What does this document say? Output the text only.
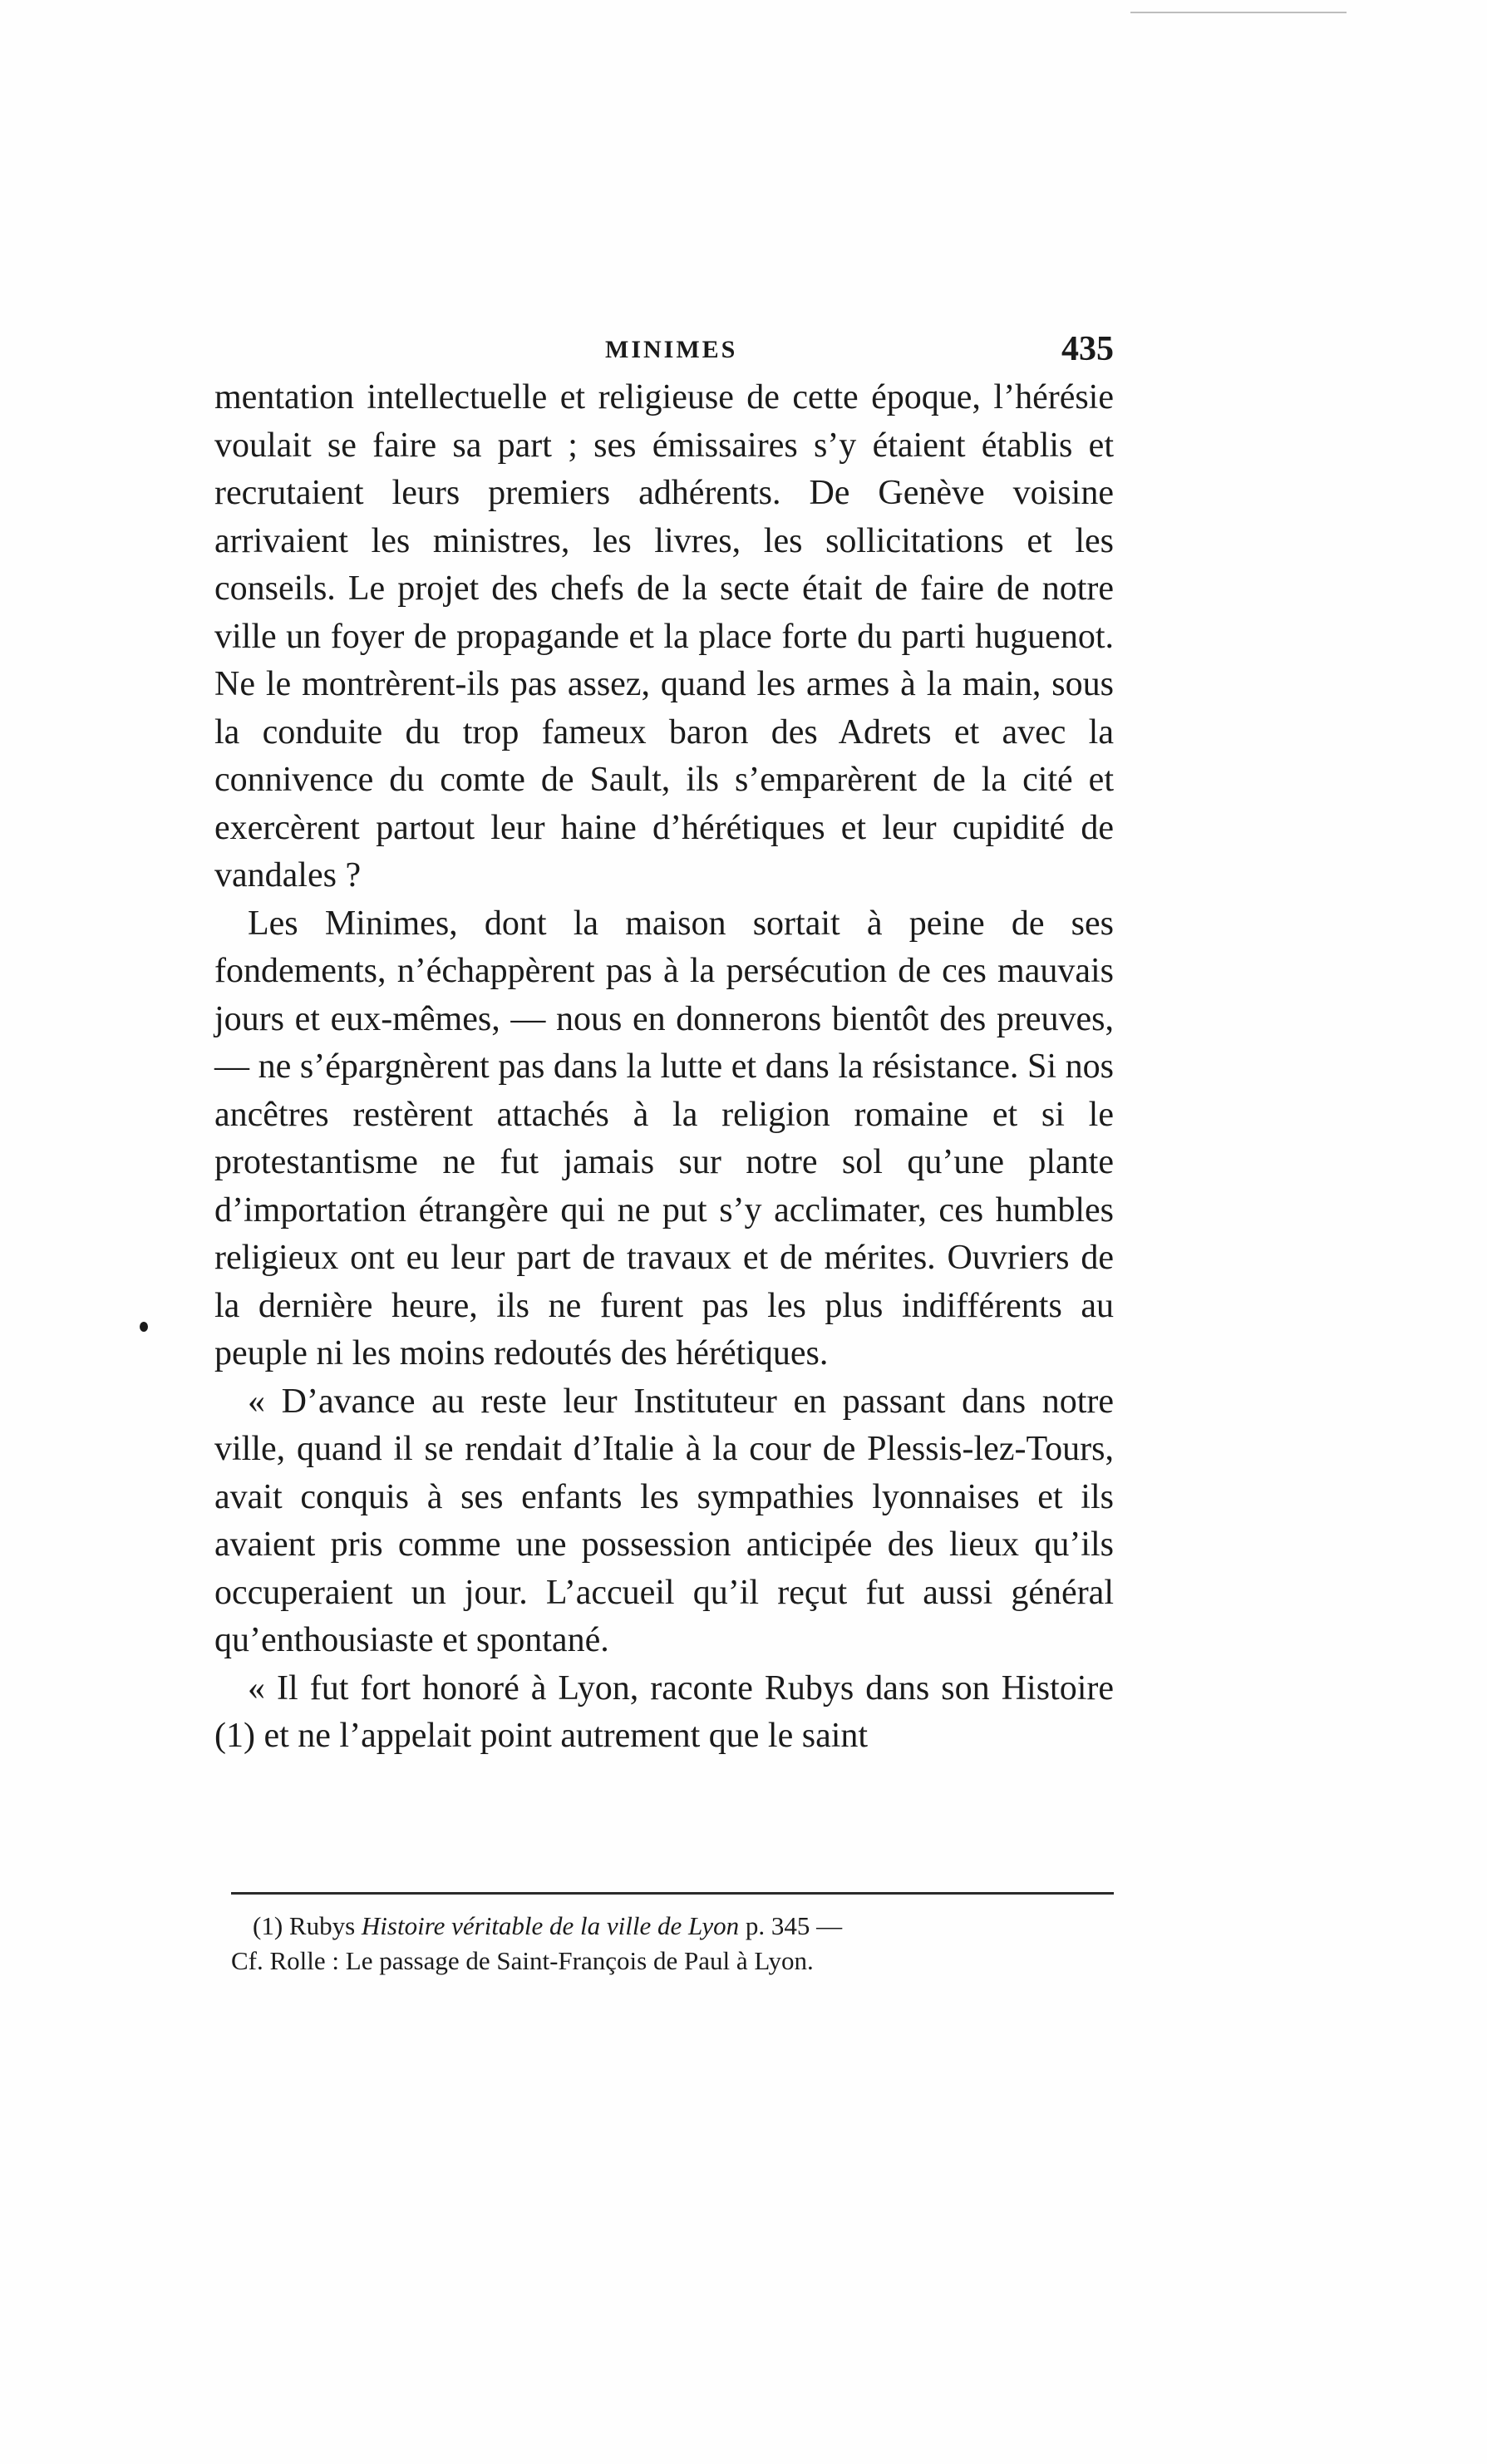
MINIMES	435

mentation intellectuelle et religieuse de cette époque, l’hérésie voulait se faire sa part ; ses émissaires s’y étaient établis et recrutaient leurs premiers adhérents. De Genève voisine arrivaient les ministres, les livres, les sollicitations et les conseils. Le projet des chefs de la secte était de faire de notre ville un foyer de propagande et la place forte du parti huguenot. Ne le montrèrent-ils pas assez, quand les armes à la main, sous la conduite du trop fameux baron des Adrets et avec la connivence du comte de Sault, ils s’emparèrent de la cité et exercèrent partout leur haine d’hérétiques et leur cupidité de vandales ?

Les Minimes, dont la maison sortait à peine de ses fondements, n’échappèrent pas à la persécution de ces mauvais jours et eux-mêmes, — nous en donnerons bientôt des preuves, — ne s’épargnèrent pas dans la lutte et dans la résistance. Si nos ancêtres restèrent attachés à la religion romaine et si le protestantisme ne fut jamais sur notre sol qu’une plante d’importation étrangère qui ne put s’y acclimater, ces humbles religieux ont eu leur part de travaux et de mérites. Ouvriers de la dernière heure, ils ne furent pas les plus indifférents au peuple ni les moins redoutés des hérétiques.

« D’avance au reste leur Instituteur en passant dans notre ville, quand il se rendait d’Italie à la cour de Plessis-lez-Tours, avait conquis à ses enfants les sympathies lyonnaises et ils avaient pris comme une possession anticipée des lieux qu’ils occuperaient un jour. L’accueil qu’il reçut fut aussi général qu’enthousiaste et spontané.

« Il fut fort honoré à Lyon, raconte Rubys dans son Histoire (1) et ne l’appelait point autrement que le saint

(1) Rubys Histoire véritable de la ville de Lyon p. 345 —
Cf. Rolle : Le passage de Saint-François de Paul à Lyon.
